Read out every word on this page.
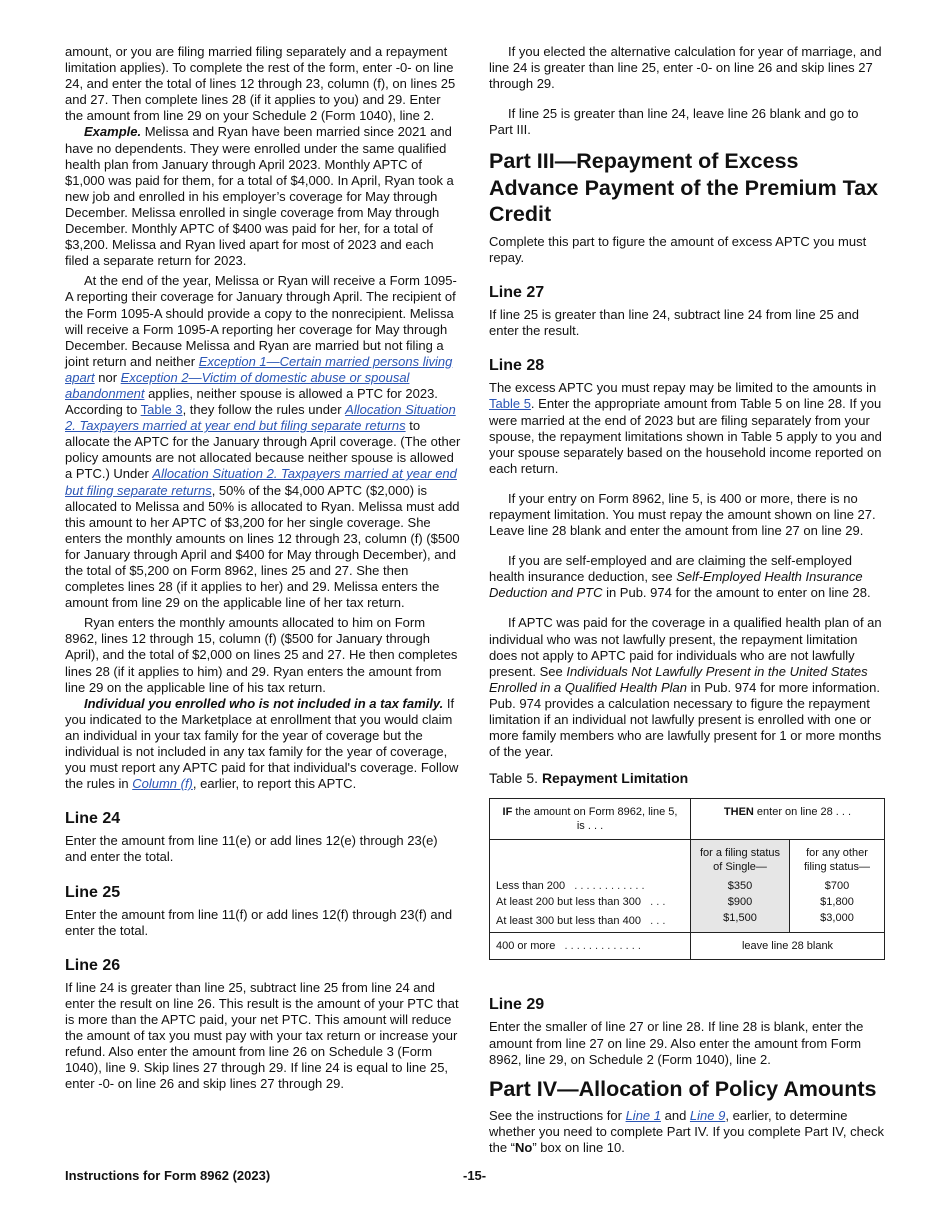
amount, or you are filing married filing separately and a repayment limitation applies). To complete the rest of the form, enter -0- on line 24, and enter the total of lines 12 through 23, column (f), on lines 25 and 27. Then complete lines 28 (if it applies to you) and 29. Enter the amount from line 29 on your Schedule 2 (Form 1040), line 2.

Example. Melissa and Ryan have been married since 2021 and have no dependents. They were enrolled under the same qualified health plan from January through April 2023. Monthly APTC of $1,000 was paid for them, for a total of $4,000. In April, Ryan took a new job and enrolled in his employer’s coverage for May through December. Melissa enrolled in single coverage from May through December. Monthly APTC of $400 was paid for her, for a total of $3,200. Melissa and Ryan lived apart for most of 2023 and each filed a separate return for 2023.

At the end of the year, Melissa or Ryan will receive a Form 1095-A reporting their coverage for January through April. The recipient of the Form 1095-A should provide a copy to the nonrecipient. Melissa will receive a Form 1095-A reporting her coverage for May through December. Because Melissa and Ryan are married but not filing a joint return and neither Exception 1—Certain married persons living apart nor Exception 2—Victim of domestic abuse or spousal abandonment applies, neither spouse is allowed a PTC for 2023. According to Table 3, they follow the rules under Allocation Situation 2. Taxpayers married at year end but filing separate returns to allocate the APTC for the January through April coverage. (The other policy amounts are not allocated because neither spouse is allowed a PTC.) Under Allocation Situation 2. Taxpayers married at year end but filing separate returns, 50% of the $4,000 APTC ($2,000) is allocated to Melissa and 50% is allocated to Ryan. Melissa must add this amount to her APTC of $3,200 for her single coverage. She enters the monthly amounts on lines 12 through 23, column (f) ($500 for January through April and $400 for May through December), and the total of $5,200 on Form 8962, lines 25 and 27. She then completes lines 28 (if it applies to her) and 29. Melissa enters the amount from line 29 on the applicable line of her tax return.

Ryan enters the monthly amounts allocated to him on Form 8962, lines 12 through 15, column (f) ($500 for January through April), and the total of $2,000 on lines 25 and 27. He then completes lines 28 (if it applies to him) and 29. Ryan enters the amount from line 29 on the applicable line of his tax return.

Individual you enrolled who is not included in a tax family. If you indicated to the Marketplace at enrollment that you would claim an individual in your tax family for the year of coverage but the individual is not included in any tax family for the year of coverage, you must report any APTC paid for that individual's coverage. Follow the rules in Column (f), earlier, to report this APTC.

Line 24

Enter the amount from line 11(e) or add lines 12(e) through 23(e) and enter the total.

Line 25

Enter the amount from line 11(f) or add lines 12(f) through 23(f) and enter the total.

Line 26

If line 24 is greater than line 25, subtract line 25 from line 24 and enter the result on line 26. This result is the amount of your PTC that is more than the APTC paid, your net PTC. This amount will reduce the amount of tax you must pay with your tax return or increase your refund. Also enter the amount from line 26 on Schedule 3 (Form 1040), line 9. Skip lines 27 through 29. If line 24 is equal to line 25, enter -0- on line 26 and skip lines 27 through 29.

If you elected the alternative calculation for year of marriage, and line 24 is greater than line 25, enter -0- on line 26 and skip lines 27 through 29.

If line 25 is greater than line 24, leave line 26 blank and go to Part III.

Part III—Repayment of Excess Advance Payment of the Premium Tax Credit

Complete this part to figure the amount of excess APTC you must repay.

Line 27

If line 25 is greater than line 24, subtract line 24 from line 25 and enter the result.

Line 28

The excess APTC you must repay may be limited to the amounts in Table 5. Enter the appropriate amount from Table 5 on line 28. If you were married at the end of 2023 but are filing separately from your spouse, the repayment limitations shown in Table 5 apply to you and your spouse separately based on the household income reported on each return.

If your entry on Form 8962, line 5, is 400 or more, there is no repayment limitation. You must repay the amount shown on line 27. Leave line 28 blank and enter the amount from line 27 on line 29.

If you are self-employed and are claiming the self-employed health insurance deduction, see Self-Employed Health Insurance Deduction and PTC in Pub. 974 for the amount to enter on line 28.

If APTC was paid for the coverage in a qualified health plan of an individual who was not lawfully present, the repayment limitation does not apply to APTC paid for individuals who are not lawfully present. See Individuals Not Lawfully Present in the United States Enrolled in a Qualified Health Plan in Pub. 974 for more information. Pub. 974 provides a calculation necessary to figure the repayment limitation if an individual not lawfully present is enrolled with one or more family members who are lawfully present for 1 or more months of the year.

Table 5. Repayment Limitation
IF the amount on Form 8962, line 5, is . . .	THEN enter on line 28 . . .	
	for a filing status of Single—	for any other filing status—
Less than 200 . . . . . . . . . . . .	$350	$700
At least 200 but less than 300 . . .	$900	$1,800
At least 300 but less than 400 . . .	$1,500	$3,000
400 or more . . . . . . . . . . . . .	leave line 28 blank	
Line 29

Enter the smaller of line 27 or line 28. If line 28 is blank, enter the amount from line 27 on line 29. Also enter the amount from Form 8962, line 29, on Schedule 2 (Form 1040), line 2.

Part IV—Allocation of Policy Amounts

See the instructions for Line 1 and Line 9, earlier, to determine whether you need to complete Part IV. If you complete Part IV, check the “No” box on line 10.

Instructions for Form 8962 (2023)	-15-
